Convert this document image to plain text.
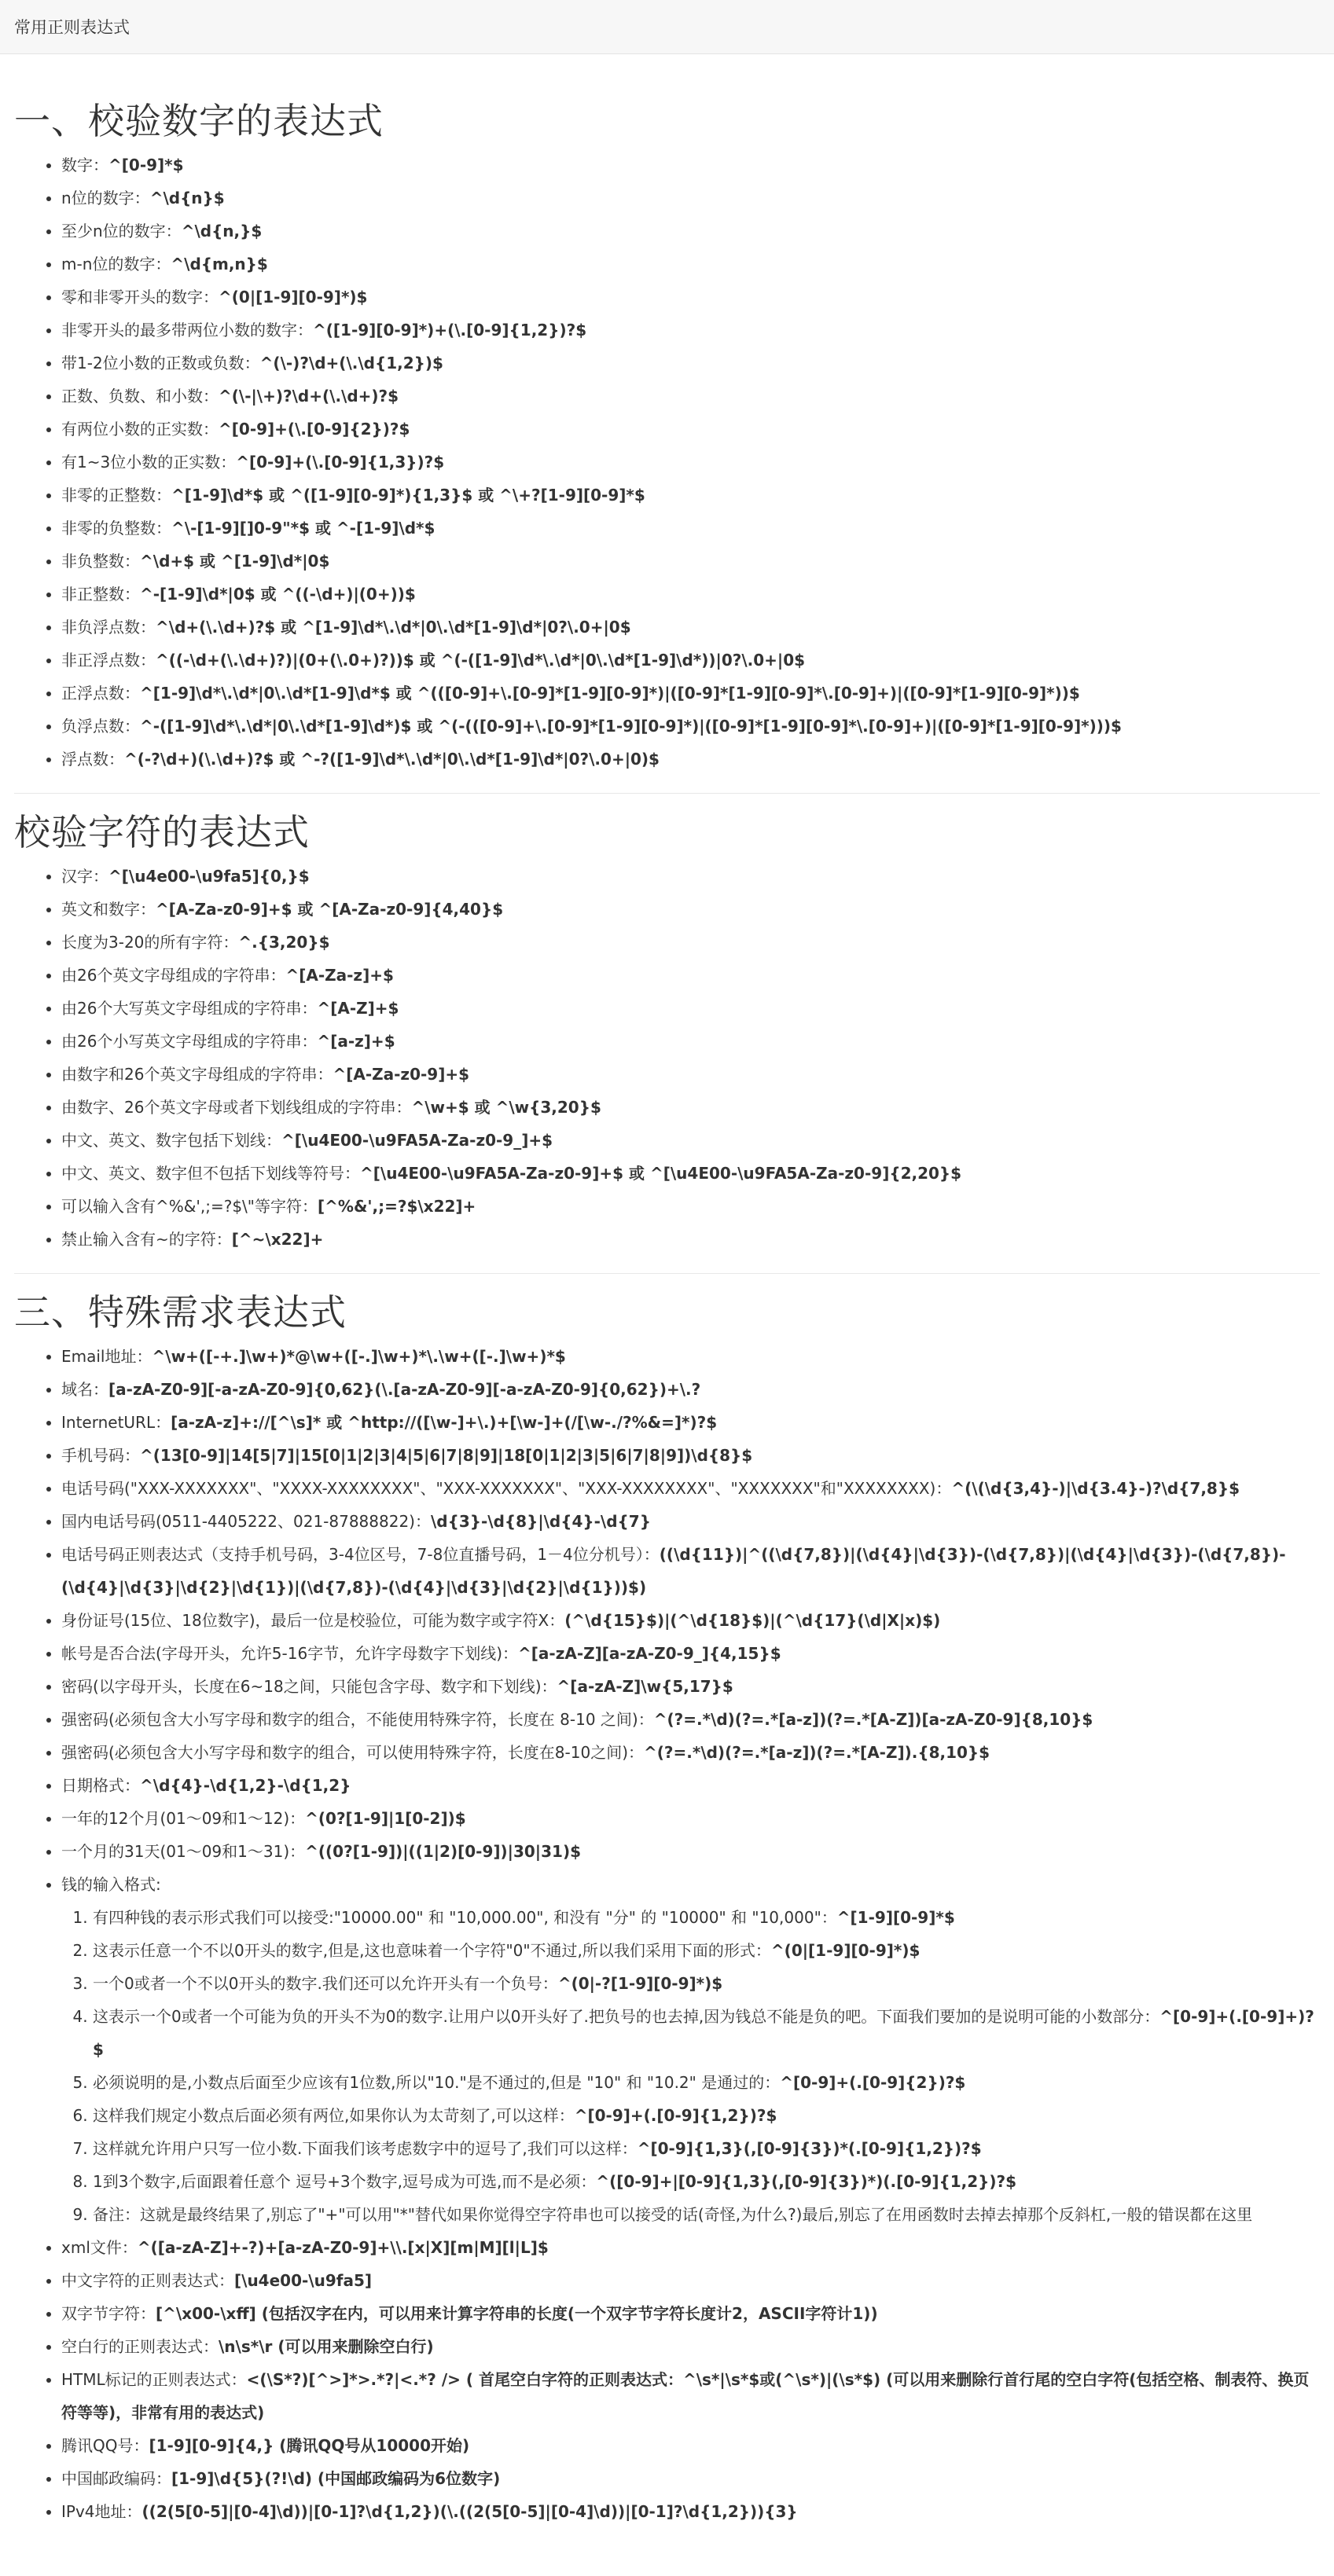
常用正则表达式
一、校验数字的表达式
• 数字：^[0-9]*$
• n位的数字：^\d{n}$
• 至少n位的数字：^\d{n,}$
• m-n位的数字：^\d{m,n}$
• 零和非零开头的数字：^(0|[1-9][0-9]*)$
• 非零开头的最多带两位小数的数字：^([1-9][0-9]*)+(\.[0-9]{1,2})?$
• 带1-2位小数的正数或负数：^(\-)?\d+(\.\d{1,2})$
• 正数、负数、和小数：^(\-|\+)?\d+(\.\d+)?$
• 有两位小数的正实数：^[0-9]+(\.[0-9]{2})?$
• 有1~3位小数的正实数：^[0-9]+(\.[0-9]{1,3})?$
• 非零的正整数：^[1-9]\d*$ 或 ^([1-9][0-9]*){1,3}$ 或 ^\+?[1-9][0-9]*$
• 非零的负整数：^\-[1-9][]0-9"*$ 或 ^-[1-9]\d*$
• 非负整数：^\d+$ 或 ^[1-9]\d*|0$
• 非正整数：^-[1-9]\d*|0$ 或 ^((-\d+)|(0+))$
• 非负浮点数：^\d+(\.\d+)?$ 或 ^[1-9]\d*\.\d*|0\.\d*[1-9]\d*|0?\.0+|0$
• 非正浮点数：^((-\d+(\.\d+)?)|(0+(\.0+)?))$ 或 ^(-([1-9]\d*\.\d*|0\.\d*[1-9]\d*))|0?\.0+|0$
• 正浮点数：^[1-9]\d*\.\d*|0\.\d*[1-9]\d*$ 或 ^(([0-9]+\.[0-9]*[1-9][0-9]*)|([0-9]*[1-9][0-9]*\.[0-9]+)|([0-9]*[1-9][0-9]*))$
• 负浮点数：^-([1-9]\d*\.\d*|0\.\d*[1-9]\d*)$ 或 ^(-(([0-9]+\.[0-9]*[1-9][0-9]*)|([0-9]*[1-9][0-9]*\.[0-9]+)|([0-9]*[1-9][0-9]*)))$
• 浮点数：^(-?\d+)(\.\d+)?$ 或 ^-?([1-9]\d*\.\d*|0\.\d*[1-9]\d*|0?\.0+|0)$
校验字符的表达式
• 汉字：^[\u4e00-\u9fa5]{0,}$
• 英文和数字：^[A-Za-z0-9]+$ 或 ^[A-Za-z0-9]{4,40}$
• 长度为3-20的所有字符：^.{3,20}$
• 由26个英文字母组成的字符串：^[A-Za-z]+$
• 由26个大写英文字母组成的字符串：^[A-Z]+$
• 由26个小写英文字母组成的字符串：^[a-z]+$
• 由数字和26个英文字母组成的字符串：^[A-Za-z0-9]+$
• 由数字、26个英文字母或者下划线组成的字符串：^\w+$ 或 ^\w{3,20}$
• 中文、英文、数字包括下划线：^[\u4E00-\u9FA5A-Za-z0-9_]+$
• 中文、英文、数字但不包括下划线等符号：^[\u4E00-\u9FA5A-Za-z0-9]+$ 或 ^[\u4E00-\u9FA5A-Za-z0-9]{2,20}$
• 可以输入含有^%&',;=?$\"等字符：[^%&',;=?$\x22]+
• 禁止输入含有~的字符：[^~\x22]+
三、特殊需求表达式
• Email地址：^\w+([-+.]\w+)*@\w+([-.]\w+)*\.\w+([-.]\w+)*$
• 域名：[a-zA-Z0-9][-a-zA-Z0-9]{0,62}(\.[a-zA-Z0-9][-a-zA-Z0-9]{0,62})+\.?
• InternetURL：[a-zA-z]+://[^\s]* 或 ^http://([\w-]+\.)+[\w-]+(/[\w-./?%&=]*)?$
• 手机号码：^(13[0-9]|14[5|7]|15[0|1|2|3|4|5|6|7|8|9]|18[0|1|2|3|5|6|7|8|9])\d{8}$
• 电话号码("XXX-XXXXXXX"、"XXXX-XXXXXXXX"、"XXX-XXXXXXX"、"XXX-XXXXXXXX"、"XXXXXXX"和"XXXXXXXX)：^(\(\d{3,4}-)|\d{3.4}-)?\d{7,8}$
• 国内电话号码(0511-4405222、021-87888822)：\d{3}-\d{8}|\d{4}-\d{7}
• 电话号码正则表达式（支持手机号码，3-4位区号，7-8位直播号码，1－4位分机号）：((\d{11})|^((\d{7,8})|(\d{4}|\d{3})-(\d{7,8})|(\d{4}|\d{3})-(\d{7,8})-(\d{4}|\d{3}|\d{2}|\d{1})|(\d{7,8})-(\d{4}|\d{3}|\d{2}|\d{1}))$)
• 身份证号(15位、18位数字)，最后一位是校验位，可能为数字或字符X：(^\d{15}$)|(^\d{18}$)|(^\d{17}(\d|X|x)$)
• 帐号是否合法(字母开头，允许5-16字节，允许字母数字下划线)：^[a-zA-Z][a-zA-Z0-9_]{4,15}$
• 密码(以字母开头，长度在6~18之间，只能包含字母、数字和下划线)：^[a-zA-Z]\w{5,17}$
• 强密码(必须包含大小写字母和数字的组合，不能使用特殊字符，长度在 8-10 之间)：^(?=.*\d)(?=.*[a-z])(?=.*[A-Z])[a-zA-Z0-9]{8,10}$
• 强密码(必须包含大小写字母和数字的组合，可以使用特殊字符，长度在8-10之间)：^(?=.*\d)(?=.*[a-z])(?=.*[A-Z]).{8,10}$
• 日期格式：^\d{4}-\d{1,2}-\d{1,2}
• 一年的12个月(01～09和1～12)：^(0?[1-9]|1[0-2])$
• 一个月的31天(01～09和1～31)：^((0?[1-9])|((1|2)[0-9])|30|31)$
• 钱的输入格式:
1. 有四种钱的表示形式我们可以接受:"10000.00" 和 "10,000.00", 和没有 "分" 的 "10000" 和 "10,000"：^[1-9][0-9]*$
2. 这表示任意一个不以0开头的数字,但是,这也意味着一个字符"0"不通过,所以我们采用下面的形式：^(0|[1-9][0-9]*)$
3. 一个0或者一个不以0开头的数字.我们还可以允许开头有一个负号：^(0|-?[1-9][0-9]*)$
4. 这表示一个0或者一个可能为负的开头不为0的数字.让用户以0开头好了.把负号的也去掉,因为钱总不能是负的吧。下面我们要加的是说明可能的小数部分：^[0-9]+(.[0-9]+)?$
5. 必须说明的是,小数点后面至少应该有1位数,所以"10."是不通过的,但是 "10" 和 "10.2" 是通过的：^[0-9]+(.[0-9]{2})?$
6. 这样我们规定小数点后面必须有两位,如果你认为太苛刻了,可以这样：^[0-9]+(.[0-9]{1,2})?$
7. 这样就允许用户只写一位小数.下面我们该考虑数字中的逗号了,我们可以这样：^[0-9]{1,3}(,[0-9]{3})*(.[0-9]{1,2})?$
8. 1到3个数字,后面跟着任意个 逗号+3个数字,逗号成为可选,而不是必须：^([0-9]+|[0-9]{1,3}(,[0-9]{3})*)(.[0-9]{1,2})?$
9. 备注：这就是最终结果了,别忘了"+"可以用"*"替代如果你觉得空字符串也可以接受的话(奇怪,为什么?)最后,别忘了在用函数时去掉去掉那个反斜杠,一般的错误都在这里
• xml文件：^([a-zA-Z]+-?)+[a-zA-Z0-9]+\\.[x|X][m|M][l|L]$
• 中文字符的正则表达式：[\u4e00-\u9fa5]
• 双字节字符：[^\x00-\xff] (包括汉字在内，可以用来计算字符串的长度(一个双字节字符长度计2，ASCII字符计1))
• 空白行的正则表达式：\n\s*\r (可以用来删除空白行)
• HTML标记的正则表达式：<(\S*?)[^>]*>.*?|<.*? /> ( 首尾空白字符的正则表达式：^\s*|\s*$或(^\s*)|(\s*$) (可以用来删除行首行尾的空白字符(包括空格、制表符、换页符等等)，非常有用的表达式)
• 腾讯QQ号：[1-9][0-9]{4,} (腾讯QQ号从10000开始)
• 中国邮政编码：[1-9]\d{5}(?!\d) (中国邮政编码为6位数字)
• IPv4地址：((2(5[0-5]|[0-4]\d))|[0-1]?\d{1,2})(\.((2(5[0-5]|[0-4]\d))|[0-1]?\d{1,2})){3}
